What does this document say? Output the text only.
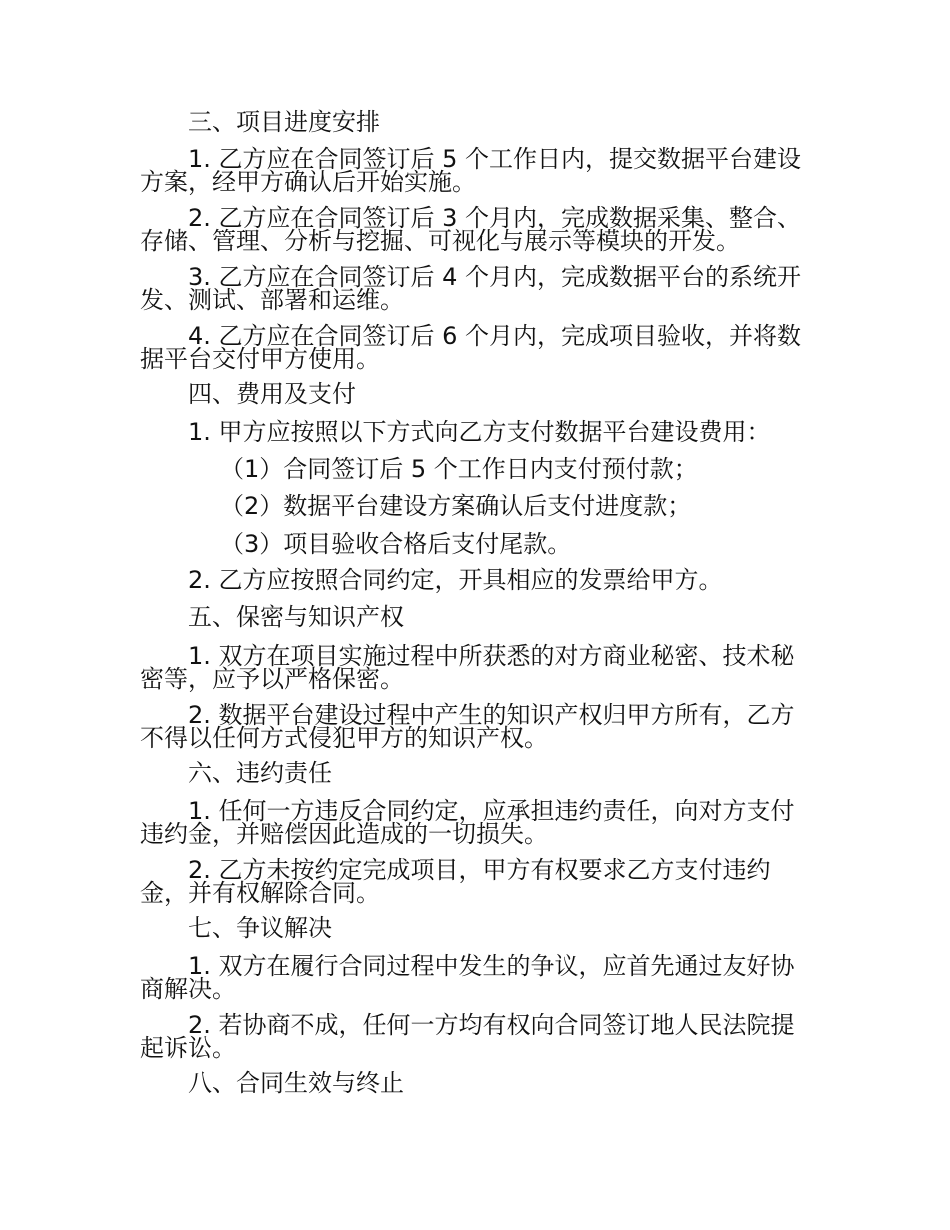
三、项目进度安排
1. 乙方应在合同签订后 5 个工作日内，提交数据平台建设
方案，经甲方确认后开始实施。
2. 乙方应在合同签订后 3 个月内，完成数据采集、整合、
存储、管理、分析与挖掘、可视化与展示等模块的开发。
3. 乙方应在合同签订后 4 个月内，完成数据平台的系统开
发、测试、部署和运维。
4. 乙方应在合同签订后 6 个月内，完成项目验收，并将数
据平台交付甲方使用。
四、费用及支付
1. 甲方应按照以下方式向乙方支付数据平台建设费用：
（1）合同签订后 5 个工作日内支付预付款；
（2）数据平台建设方案确认后支付进度款；
（3）项目验收合格后支付尾款。
2. 乙方应按照合同约定，开具相应的发票给甲方。
五、保密与知识产权
1. 双方在项目实施过程中所获悉的对方商业秘密、技术秘
密等，应予以严格保密。
2. 数据平台建设过程中产生的知识产权归甲方所有，乙方
不得以任何方式侵犯甲方的知识产权。
六、违约责任
1. 任何一方违反合同约定，应承担违约责任，向对方支付
违约金，并赔偿因此造成的一切损失。
2. 乙方未按约定完成项目，甲方有权要求乙方支付违约
金，并有权解除合同。
七、争议解决
1. 双方在履行合同过程中发生的争议，应首先通过友好协
商解决。
2. 若协商不成，任何一方均有权向合同签订地人民法院提
起诉讼。
八、合同生效与终止
